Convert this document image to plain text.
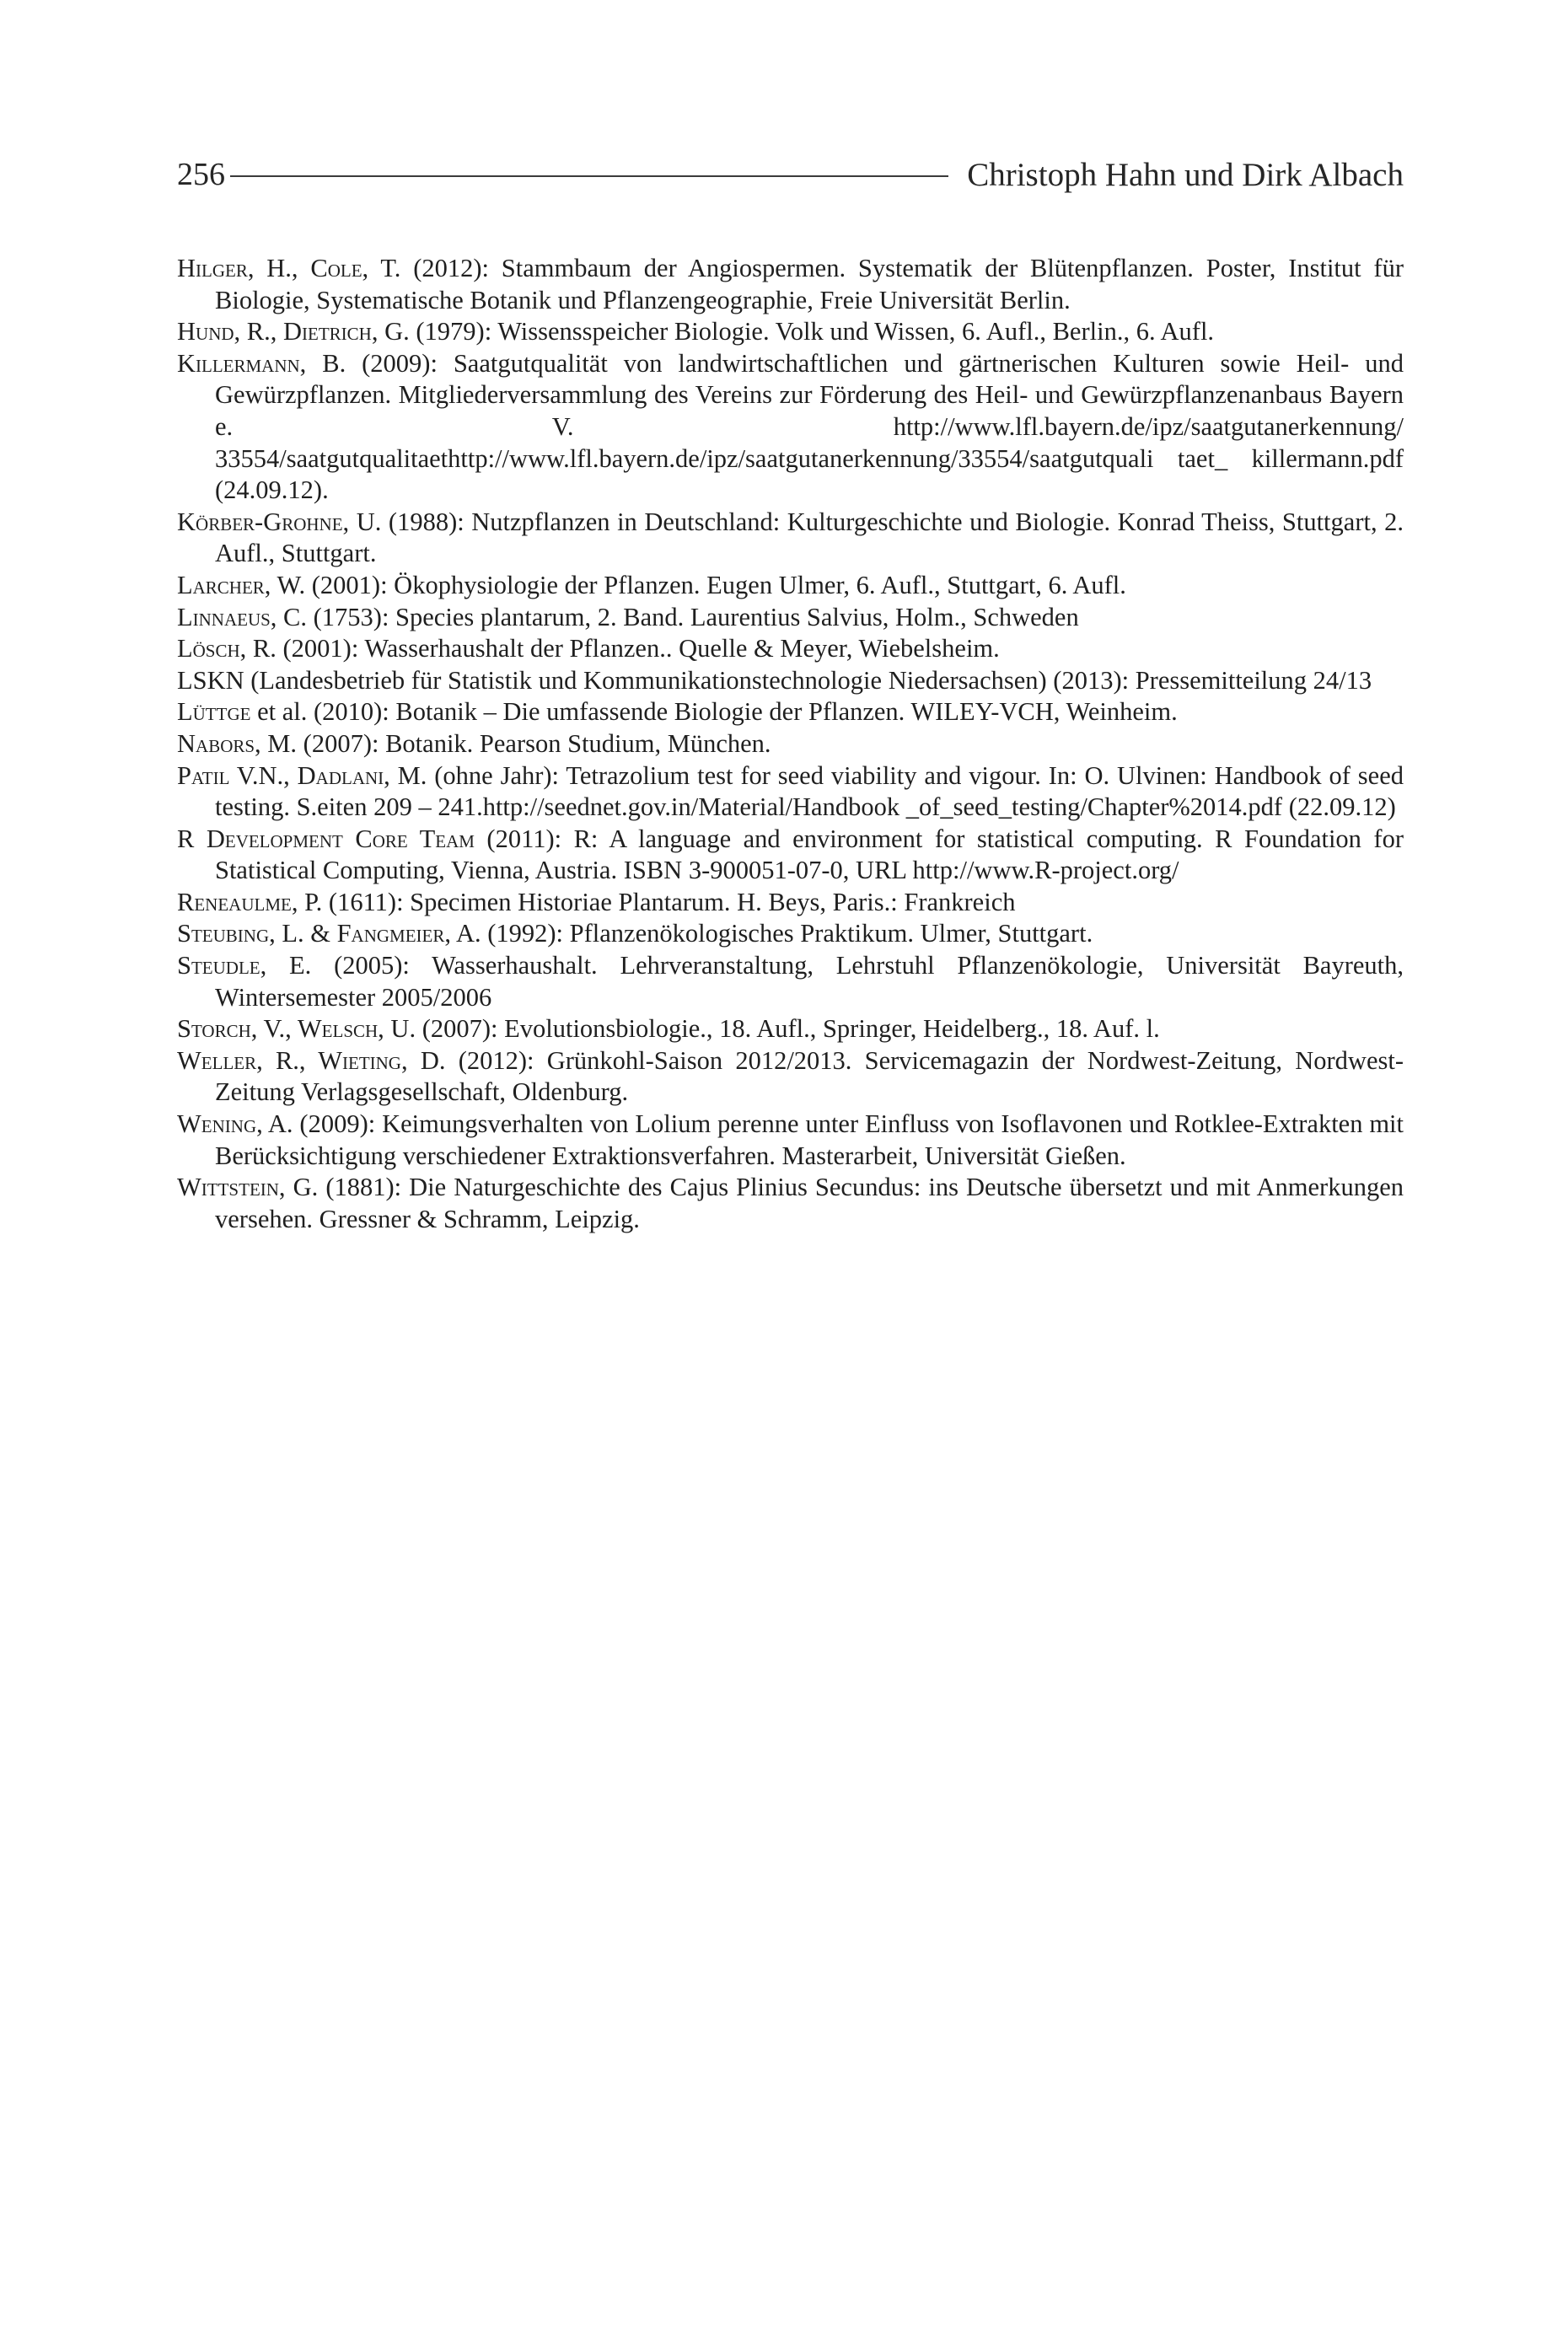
256	Christoph Hahn und Dirk Albach

Hilger, H., Cole, T. (2012): Stammbaum der Angiospermen. Systematik der Blütenpflanzen. Poster, Institut für Biologie, Systematische Botanik und Pflanzengeographie, Freie Universität Berlin.

Hund, R., Dietrich, G. (1979): Wissensspeicher Biologie. Volk und Wissen, 6. Aufl., Berlin., 6. Aufl.

Killermann, B. (2009): Saatgutqualität von landwirtschaftlichen und gärtnerischen Kulturen sowie Heil- und Gewürzpflanzen. Mitgliederversammlung des Vereins zur Förderung des Heil- und Gewürzpflanzenanbaus Bayern e. V. http://www.lfl.bayern.de/ipz/saatgutanerkennung/ 33554/saatgutqualitaethttp://www.lfl.bayern.de/ipz/saatgutanerkennung/33554/saatgutquali taet_ killermann.pdf (24.09.12).

Körber-Grohne, U. (1988): Nutzpflanzen in Deutschland: Kulturgeschichte und Biologie. Konrad Theiss, Stuttgart, 2. Aufl., Stuttgart.

Larcher, W. (2001): Ökophysiologie der Pflanzen. Eugen Ulmer, 6. Aufl., Stuttgart, 6. Aufl.

Linnaeus, C. (1753): Species plantarum, 2. Band. Laurentius Salvius, Holm., Schweden

Lösch, R. (2001): Wasserhaushalt der Pflanzen.. Quelle & Meyer, Wiebelsheim.

LSKN (Landesbetrieb für Statistik und Kommunikationstechnologie Niedersachsen) (2013): Pressemitteilung 24/13

Lüttge et al. (2010): Botanik – Die umfassende Biologie der Pflanzen. WILEY-VCH, Weinheim.

Nabors, M. (2007): Botanik. Pearson Studium, München.

Patil V.N., Dadlani, M. (ohne Jahr): Tetrazolium test for seed viability and vigour. In: O. Ulvinen: Handbook of seed testing. S.eiten 209 – 241.http://seednet.gov.in/Material/Handbook _of_seed_testing/Chapter%2014.pdf (22.09.12)

R Development Core Team (2011): R: A language and environment for statistical computing. R Foundation for Statistical Computing, Vienna, Austria. ISBN 3-900051-07-0, URL http://www.R-project.org/

Reneaulme, P. (1611): Specimen Historiae Plantarum. H. Beys, Paris.: Frankreich

Steubing, L. & Fangmeier, A. (1992): Pflanzenökologisches Praktikum. Ulmer, Stuttgart.

Steudle, E. (2005): Wasserhaushalt. Lehrveranstaltung, Lehrstuhl Pflanzenökologie, Universität Bayreuth, Wintersemester 2005/2006

Storch, V., Welsch, U. (2007): Evolutionsbiologie., 18. Aufl., Springer, Heidelberg., 18. Auf. l.

Weller, R., Wieting, D. (2012): Grünkohl-Saison 2012/2013. Servicemagazin der Nordwest-Zeitung, Nordwest-Zeitung Verlagsgesellschaft, Oldenburg.

Wening, A. (2009): Keimungsverhalten von Lolium perenne unter Einfluss von Isoflavonen und Rotklee-Extrakten mit Berücksichtigung verschiedener Extraktionsverfahren. Masterarbeit, Universität Gießen.

Wittstein, G. (1881): Die Naturgeschichte des Cajus Plinius Secundus: ins Deutsche übersetzt und mit Anmerkungen versehen. Gressner & Schramm, Leipzig.
